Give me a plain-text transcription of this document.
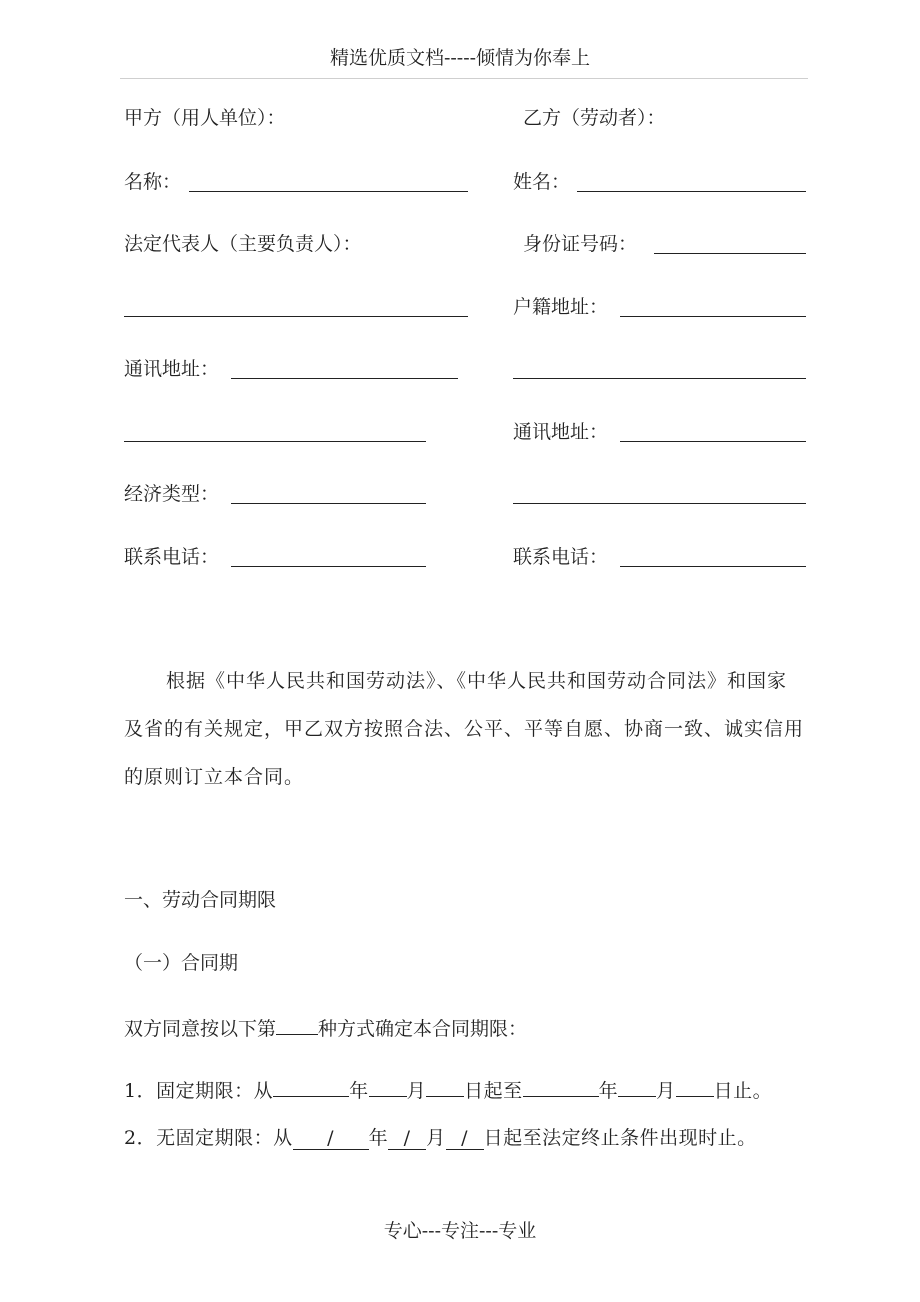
精选优质文档-----倾情为你奉上
甲方（用人单位）：
名称：
法定代表人（主要负责人）：
通讯地址：
经济类型：
联系电话：
乙方（劳动者）：
姓名：
身份证号码：
户籍地址：
通讯地址：
联系电话：
根据《中华人民共和国劳动法》、《中华人民共和国劳动合同法》和国家及省的有关规定，甲乙双方按照合法、公平、平等自愿、协商一致、诚实信用的原则订立本合同。
一、劳动合同期限
（一）合同期
双方同意按以下第 种方式确定本合同期限：
1．固定期限：从	年 月 日起至	年 月 日止。
2．无固定期限：从 / 年 / 月 / 日起至法定终止条件出现时止。
专心---专注---专业
